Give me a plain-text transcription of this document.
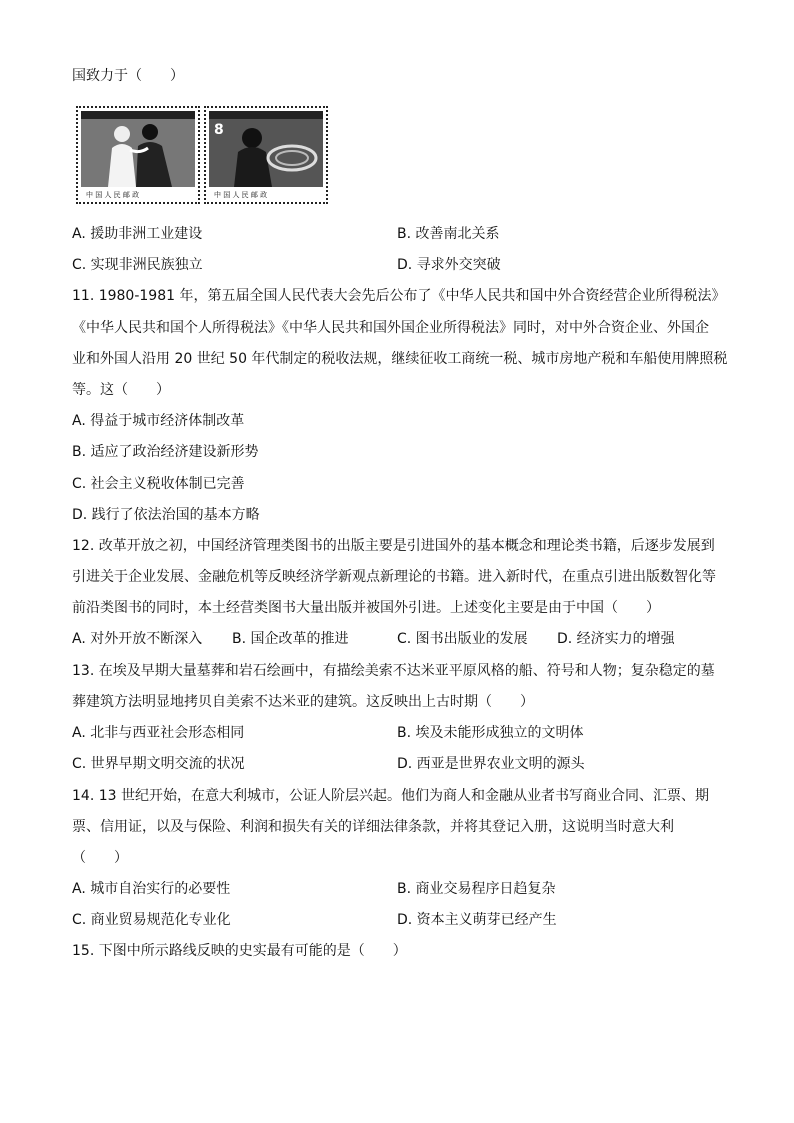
国致力于（　　）
中 国 人 民 邮 政
8
中 国 人 民 邮 政
A. 援助非洲工业建设	B. 改善南北关系
C. 实现非洲民族独立	D. 寻求外交突破
11. 1980-1981 年，第五届全国人民代表大会先后公布了《中华人民共和国中外合资经营企业所得税法》
《中华人民共和国个人所得税法》《中华人民共和国外国企业所得税法》同时，对中外合资企业、外国企
业和外国人沿用 20 世纪 50 年代制定的税收法规，继续征收工商统一税、城市房地产税和车船使用牌照税
等。这（　　）
A. 得益于城市经济体制改革
B. 适应了政治经济建设新形势
C. 社会主义税收体制已完善
D. 践行了依法治国的基本方略
12. 改革开放之初，中国经济管理类图书的出版主要是引进国外的基本概念和理论类书籍，后逐步发展到
引进关于企业发展、金融危机等反映经济学新观点新理论的书籍。进入新时代，在重点引进出版数智化等
前沿类图书的同时，本土经营类图书大量出版并被国外引进。上述变化主要是由于中国（　　）
A. 对外开放不断深入 B. 国企改革的推进	C. 图书出版业的发展 D. 经济实力的增强
13. 在埃及早期大量墓葬和岩石绘画中，有描绘美索不达米亚平原风格的船、符号和人物；复杂稳定的墓
葬建筑方法明显地拷贝自美索不达米亚的建筑。这反映出上古时期（　　）
A. 北非与西亚社会形态相同	B. 埃及未能形成独立的文明体
C. 世界早期文明交流的状况	D. 西亚是世界农业文明的源头
14. 13 世纪开始，在意大利城市，公证人阶层兴起。他们为商人和金融从业者书写商业合同、汇票、期
票、信用证，以及与保险、利润和损失有关的详细法律条款，并将其登记入册，这说明当时意大利
（　　）
A. 城市自治实行的必要性	B. 商业交易程序日趋复杂
C. 商业贸易规范化专业化	D. 资本主义萌芽已经产生
15. 下图中所示路线反映的史实最有可能的是（　　）
